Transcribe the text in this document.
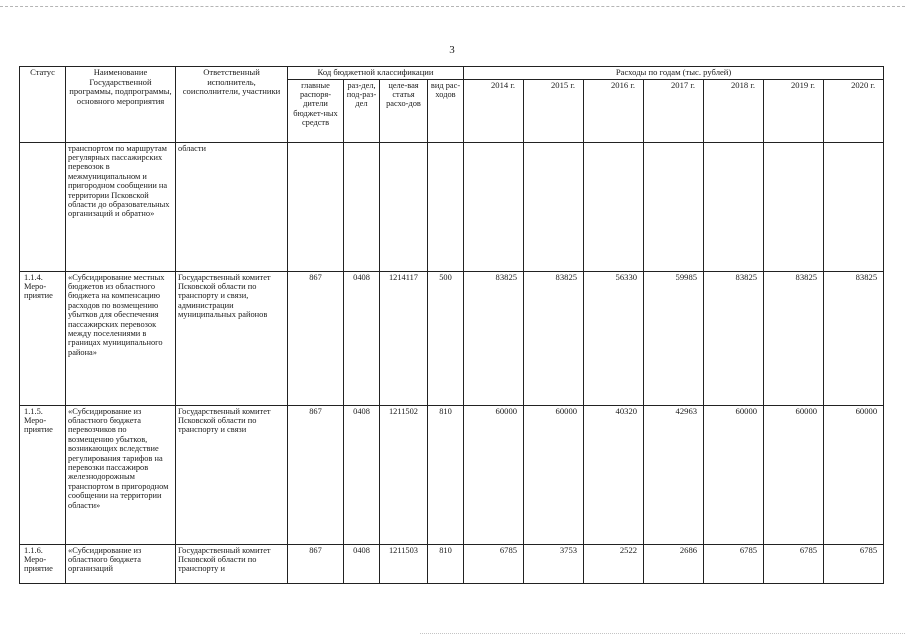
3
Статус	Наименование Государственной программы, подпрограммы, основного мероприятия	Ответственный исполнитель, соисполнители, участники	Код бюджетной классификации				Расходы по годам (тыс. рублей)						
			главные распоря-дители бюджет-ных средств	раз-дел, под-раз-дел	целе-вая статья расхо-дов	вид рас-ходов	2014 г.	2015 г.	2016 г.	2017 г.	2018 г.	2019 г.	2020 г.
	транспортом по маршрутам регулярных пассажирских перевозок в межмуниципальном и пригородном сообщении на территории Псковской области до образовательных организаций и обратно»	области											
1.1.4. Меро-приятие	«Субсидирование местных бюджетов из областного бюджета на компенсацию расходов по возмещению убытков для обеспечения пассажирских перевозок между поселениями в границах муниципального района»	Государственный комитет Псковской области по транспорту и связи, администрации муниципальных районов	867	0408	1214117	500	83825	83825	56330	59985	83825	83825	83825
1.1.5. Меро-приятие	«Субсидирование из областного бюджета перевозчиков по возмещению убытков, возникающих вследствие регулирования тарифов на перевозки пассажиров железнодорожным транспортом в пригородном сообщении на территории области»	Государственный комитет Псковской области по транспорту и связи	867	0408	1211502	810	60000	60000	40320	42963	60000	60000	60000
1.1.6. Меро-приятие	«Субсидирование из областного бюджета организаций	Государственный комитет Псковской области по транспорту и	867	0408	1211503	810	6785	3753	2522	2686	6785	6785	6785
